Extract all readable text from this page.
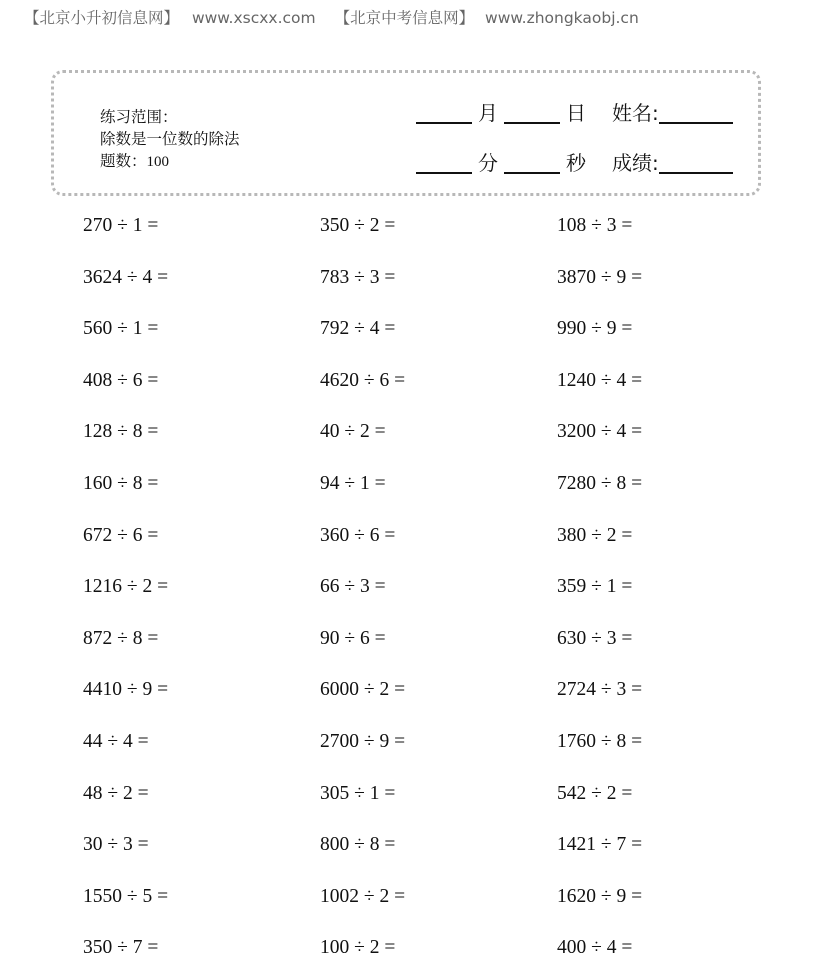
【北京小升初信息网】 www.xscxx.com 【北京中考信息网】 www.zhongkaobj.cn
练习范围：
除数是一位数的除法
题数：100
月	日 姓名:
分	秒 成绩:
270 ÷ 1 =	350 ÷ 2 =	108 ÷ 3 =
3624 ÷ 4 =	783 ÷ 3 =	3870 ÷ 9 =
560 ÷ 1 =	792 ÷ 4 =	990 ÷ 9 =
408 ÷ 6 =	4620 ÷ 6 =	1240 ÷ 4 =
128 ÷ 8 =	40 ÷ 2 =	3200 ÷ 4 =
160 ÷ 8 =	94 ÷ 1 =	7280 ÷ 8 =
672 ÷ 6 =	360 ÷ 6 =	380 ÷ 2 =
1216 ÷ 2 =	66 ÷ 3 =	359 ÷ 1 =
872 ÷ 8 =	90 ÷ 6 =	630 ÷ 3 =
4410 ÷ 9 =	6000 ÷ 2 =	2724 ÷ 3 =
44 ÷ 4 =	2700 ÷ 9 =	1760 ÷ 8 =
48 ÷ 2 =	305 ÷ 1 =	542 ÷ 2 =
30 ÷ 3 =	800 ÷ 8 =	1421 ÷ 7 =
1550 ÷ 5 =	1002 ÷ 2 =	1620 ÷ 9 =
350 ÷ 7 =	100 ÷ 2 =	400 ÷ 4 =
